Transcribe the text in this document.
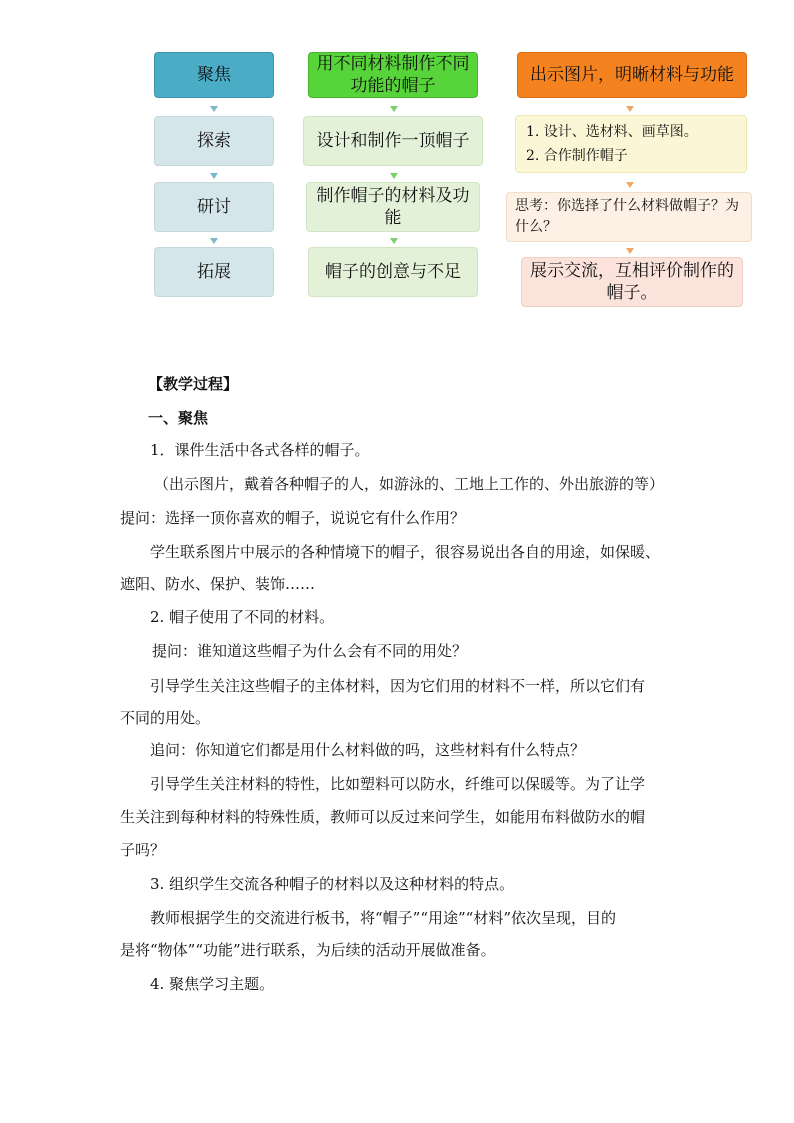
聚焦
探索
研讨
拓展
用不同材料制作不同功能的帽子
设计和制作一顶帽子
制作帽子的材料及功能
帽子的创意与不足
出示图片，明晰材料与功能
1. 设计、选材料、画草图。
2. 合作制作帽子
思考：你选择了什么材料做帽子？为什么？
展示交流，互相评价制作的帽子。
【教学过程】
一、聚焦
1．课件生活中各式各样的帽子。
（出示图片，戴着各种帽子的人，如游泳的、工地上工作的、外出旅游的等）
提问：选择一顶你喜欢的帽子，说说它有什么作用？
学生联系图片中展示的各种情境下的帽子，很容易说出各自的用途，如保暖、
遮阳、防水、保护、装饰……
2. 帽子使用了不同的材料。
提问：谁知道这些帽子为什么会有不同的用处？
引导学生关注这些帽子的主体材料，因为它们用的材料不一样，所以它们有
不同的用处。
追问：你知道它们都是用什么材料做的吗，这些材料有什么特点？
引导学生关注材料的特性，比如塑料可以防水，纤维可以保暖等。为了让学
生关注到每种材料的特殊性质，教师可以反过来问学生，如能用布料做防水的帽
子吗？
3. 组织学生交流各种帽子的材料以及这种材料的特点。
教师根据学生的交流进行板书，将“帽子”“用途”“材料”依次呈现，目的
是将“物体”“功能”进行联系，为后续的活动开展做准备。
4. 聚焦学习主题。
